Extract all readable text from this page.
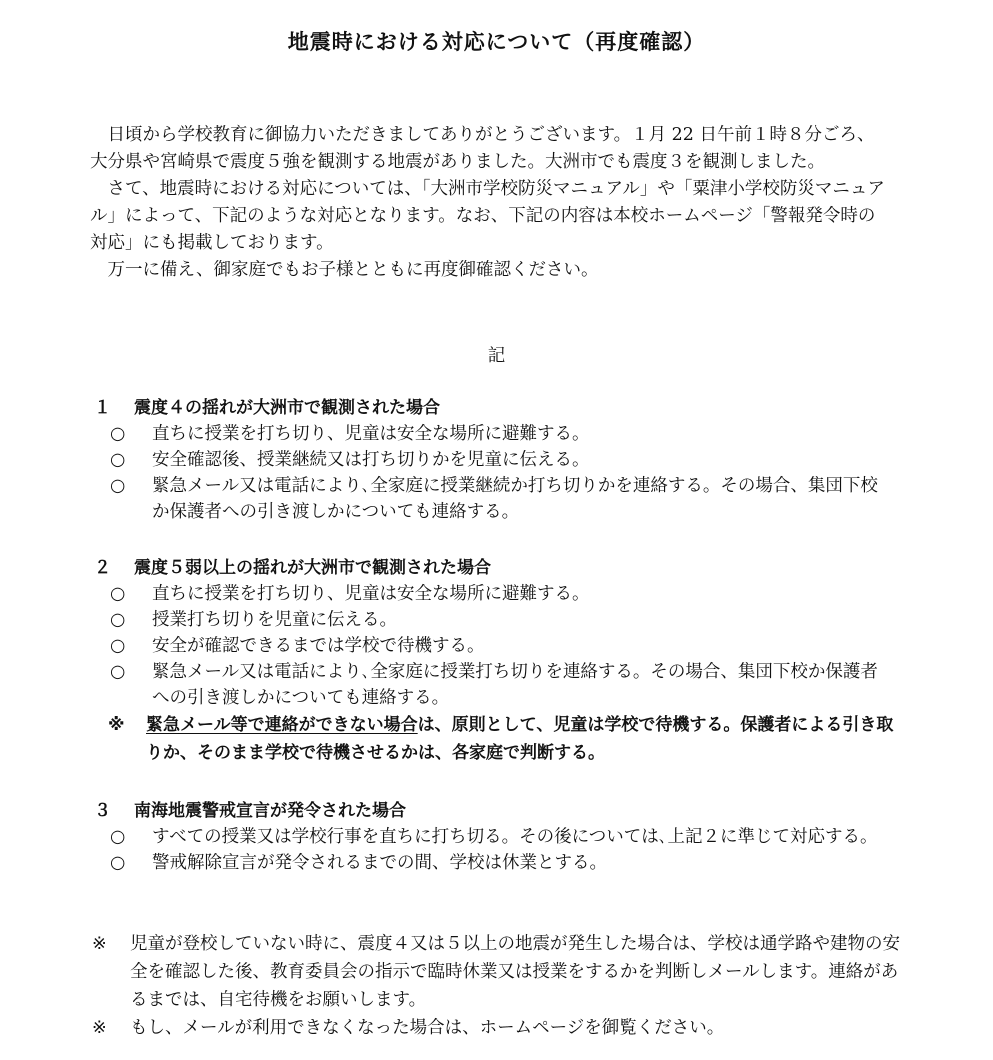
地震時における対応について（再度確認）

日頃から学校教育に御協力いただきましてありがとうございます。１月 22 日午前１時８分ごろ、大分県や宮崎県で震度５強を観測する地震がありました。大洲市でも震度３を観測しました。

さて、地震時における対応については、「大洲市学校防災マニュアル」や「粟津小学校防災マニュアル」によって、下記のような対応となります。なお、下記の内容は本校ホームページ「警報発令時の対応」にも掲載しております。

万一に備え、御家庭でもお子様とともに再度御確認ください。

記
１ 震度４の揺れが大洲市で観測された場合
○ 直ちに授業を打ち切り、児童は安全な場所に避難する。
○ 安全確認後、授業継続又は打ち切りかを児童に伝える。
○ 緊急メール又は電話により､全家庭に授業継続か打ち切りかを連絡する。その場合、集団下校か保護者への引き渡しかについても連絡する。
２ 震度５弱以上の揺れが大洲市で観測された場合
○ 直ちに授業を打ち切り、児童は安全な場所に避難する。
○ 授業打ち切りを児童に伝える。
○ 安全が確認できるまでは学校で待機する。
○ 緊急メール又は電話により､全家庭に授業打ち切りを連絡する。その場合、集団下校か保護者への引き渡しかについても連絡する。
※ 緊急メール等で連絡ができない場合は、原則として、児童は学校で待機する。保護者による引き取りか、そのまま学校で待機させるかは、各家庭で判断する。
３ 南海地震警戒宣言が発令された場合
○ すべての授業又は学校行事を直ちに打ち切る。その後については､上記２に準じて対応する。
○ 警戒解除宣言が発令されるまでの間、学校は休業とする。
※ 児童が登校していない時に、震度４又は５以上の地震が発生した場合は、学校は通学路や建物の安全を確認した後、教育委員会の指示で臨時休業又は授業をするかを判断しメールします。連絡があるまでは、自宅待機をお願いします。
※ もし、メールが利用できなくなった場合は、ホームページを御覧ください。
